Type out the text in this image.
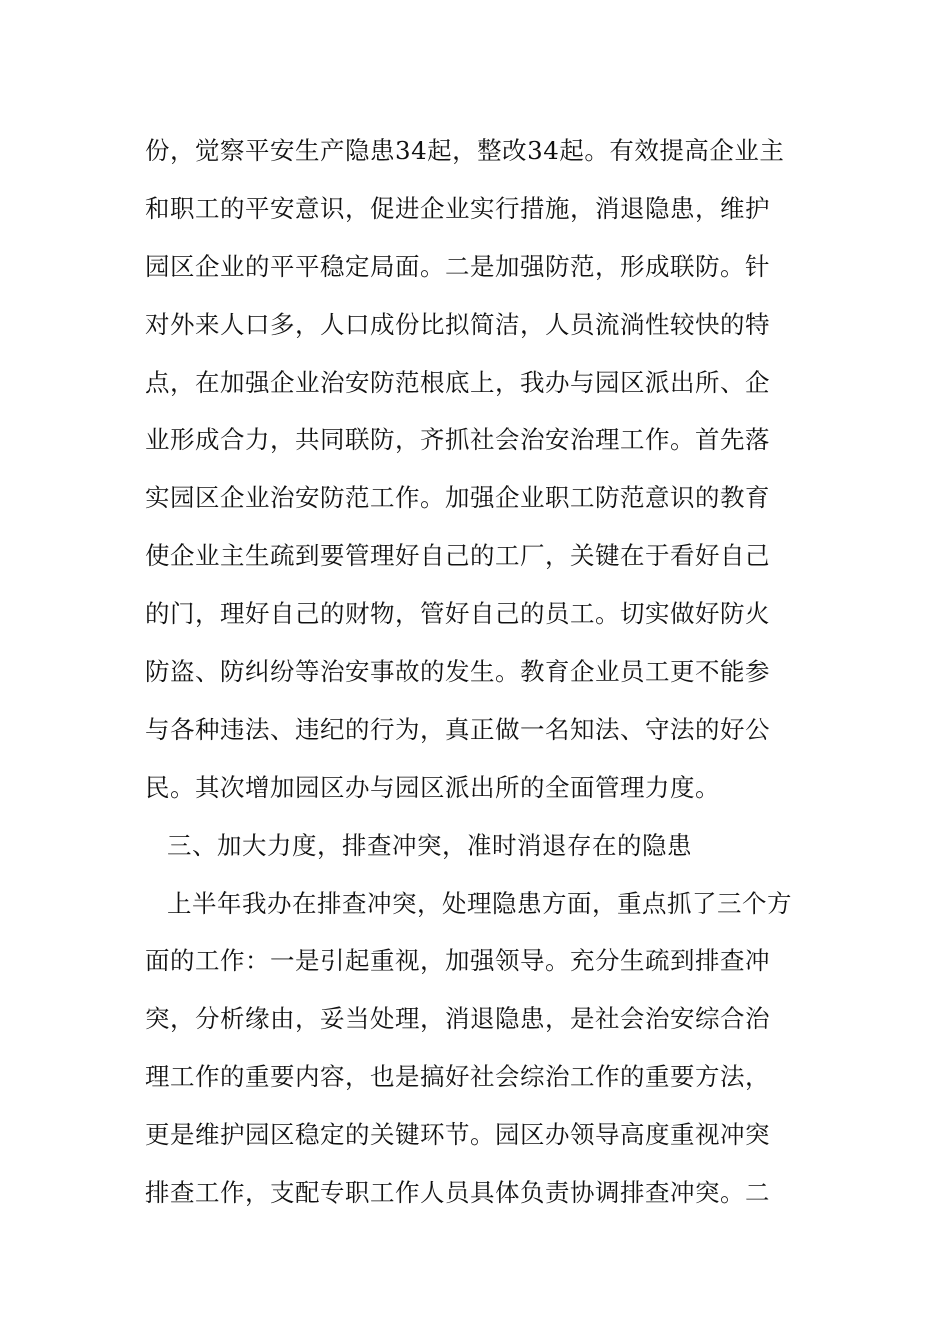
份，觉察平安生产隐患34起，整改34起。有效提高企业主
和职工的平安意识，促进企业实行措施，消退隐患，维护
园区企业的平平稳定局面。二是加强防范，形成联防。针
对外来人口多，人口成份比拟简洁，人员流淌性较快的特
点，在加强企业治安防范根底上，我办与园区派出所、企
业形成合力，共同联防，齐抓社会治安治理工作。首先落
实园区企业治安防范工作。加强企业职工防范意识的教育
使企业主生疏到要管理好自己的工厂，关键在于看好自己
的门，理好自己的财物，管好自己的员工。切实做好防火
防盗、防纠纷等治安事故的发生。教育企业员工更不能参
与各种违法、违纪的行为，真正做一名知法、守法的好公
民。其次增加园区办与园区派出所的全面管理力度。
三、加大力度，排查冲突，准时消退存在的隐患
上半年我办在排查冲突，处理隐患方面，重点抓了三个方
面的工作：一是引起重视，加强领导。充分生疏到排查冲
突，分析缘由，妥当处理，消退隐患，是社会治安综合治
理工作的重要内容，也是搞好社会综治工作的重要方法，
更是维护园区稳定的关键环节。园区办领导高度重视冲突
排查工作，支配专职工作人员具体负责协调排查冲突。二
